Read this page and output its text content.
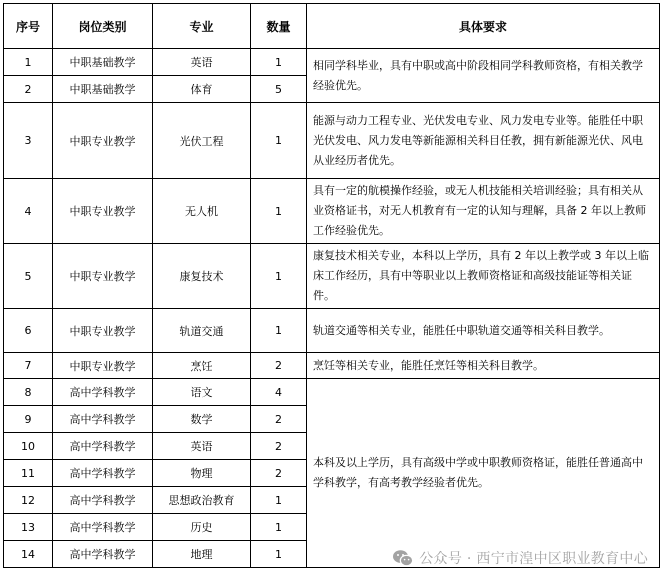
序号	岗位类别	专业	数量	具体要求
1	中职基础教学	英语	1	相同学科毕业，具有中职或高中阶段相同学科教师资格，有相关教学经验优先。
2	中职基础教学	体育	5	
3	中职专业教学	光伏工程	1	能源与动力工程专业、光伏发电专业、风力发电专业等。能胜任中职光伏发电、风力发电等新能源相关科目任教，拥有新能源光伏、风电从业经历者优先。
4	中职专业教学	无人机	1	具有一定的航模操作经验，或无人机技能相关培训经验；具有相关从业资格证书，对无人机教育有一定的认知与理解，具备 2 年以上教师工作经验优先。
5	中职专业教学	康复技术	1	康复技术相关专业，本科以上学历，具有 2 年以上教学或 3 年以上临床工作经历，具有中等职业以上教师资格证和高级技能证等相关证件。
6	中职专业教学	轨道交通	1	轨道交通等相关专业，能胜任中职轨道交通等相关科目教学。
7	中职专业教学	烹饪	2	烹饪等相关专业，能胜任烹饪等相关科目教学。
8	高中学科教学	语文	4	本科及以上学历，具有高级中学或中职教师资格证，能胜任普通高中学科教学，有高考教学经验者优先。
9	高中学科教学	数学	2	
10	高中学科教学	英语	2	
11	高中学科教学	物理	2	
12	高中学科教学	思想政治教育	1	
13	高中学科教学	历史	1	
14	高中学科教学	地理	1		公众号 · 西宁市湟中区职业教育中心
